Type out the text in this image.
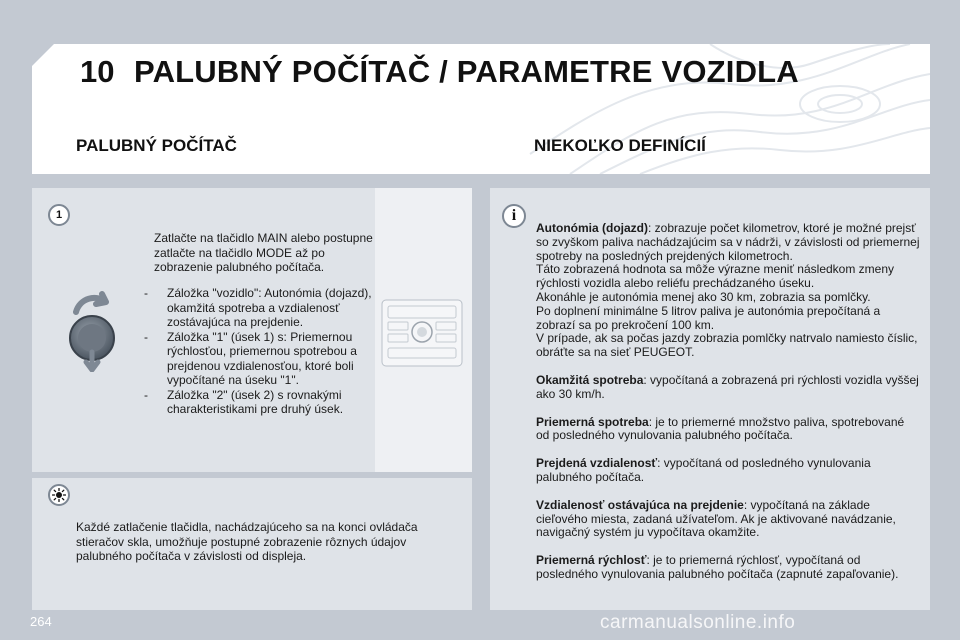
10 PALUBNÝ POČÍTAČ / PARAMETRE VOZIDLA
PALUBNÝ POČÍTAČ	NIEKOĽKO DEFINÍCIÍ
1
Zatlačte na tlačidlo MAIN alebo postupne zatlačte na tlačidlo MODE až po zobrazenie palubného počítača.
- Záložka "vozidlo": Autonómia (dojazd), okamžitá spotreba a vzdialenosť zostávajúca na prejdenie.
- Záložka "1" (úsek 1) s: Priemernou rýchlosťou, priemernou spotrebou a prejdenou vzdialenosťou, ktoré boli vypočítané na úseku "1".
- Záložka "2" (úsek 2) s rovnakými charakteristikami pre druhý úsek.
Každé zatlačenie tlačidla, nachádzajúceho sa na konci ovládača stieračov skla, umožňuje postupné zobrazenie rôznych údajov palubného počítača v závislosti od displeja.
i

Autonómia (dojazd): zobrazuje počet kilometrov, ktoré je možné prejsť so zvyškom paliva nachádzajúcim sa v nádrži, v závislosti od priemernej spotreby na posledných prejdených kilometroch.

Táto zobrazená hodnota sa môže výrazne meniť následkom zmeny rýchlosti vozidla alebo reliéfu prechádzaného úseku.

Akonáhle je autonómia menej ako 30 km, zobrazia sa pomlčky.

Po doplnení minimálne 5 litrov paliva je autonómia prepočítaná a zobrazí sa po prekročení 100 km.

V prípade, ak sa počas jazdy zobrazia pomlčky natrvalo namiesto číslic, obráťte sa na sieť PEUGEOT.

Okamžitá spotreba: vypočítaná a zobrazená pri rýchlosti vozidla vyššej ako 30 km/h.

Priemerná spotreba: je to priemerné množstvo paliva, spotrebované od posledného vynulovania palubného počítača.

Prejdená vzdialenosť: vypočítaná od posledného vynulovania palubného počítača.

Vzdialenosť ostávajúca na prejdenie: vypočítaná na základe cieľového miesta, zadaná užívateľom. Ak je aktivované navádzanie, navigačný systém ju vypočítava okamžite.

Priemerná rýchlosť: je to priemerná rýchlosť, vypočítaná od posledného vynulovania palubného počítača (zapnuté zapaľovanie).

264	carmanualsonline.info
